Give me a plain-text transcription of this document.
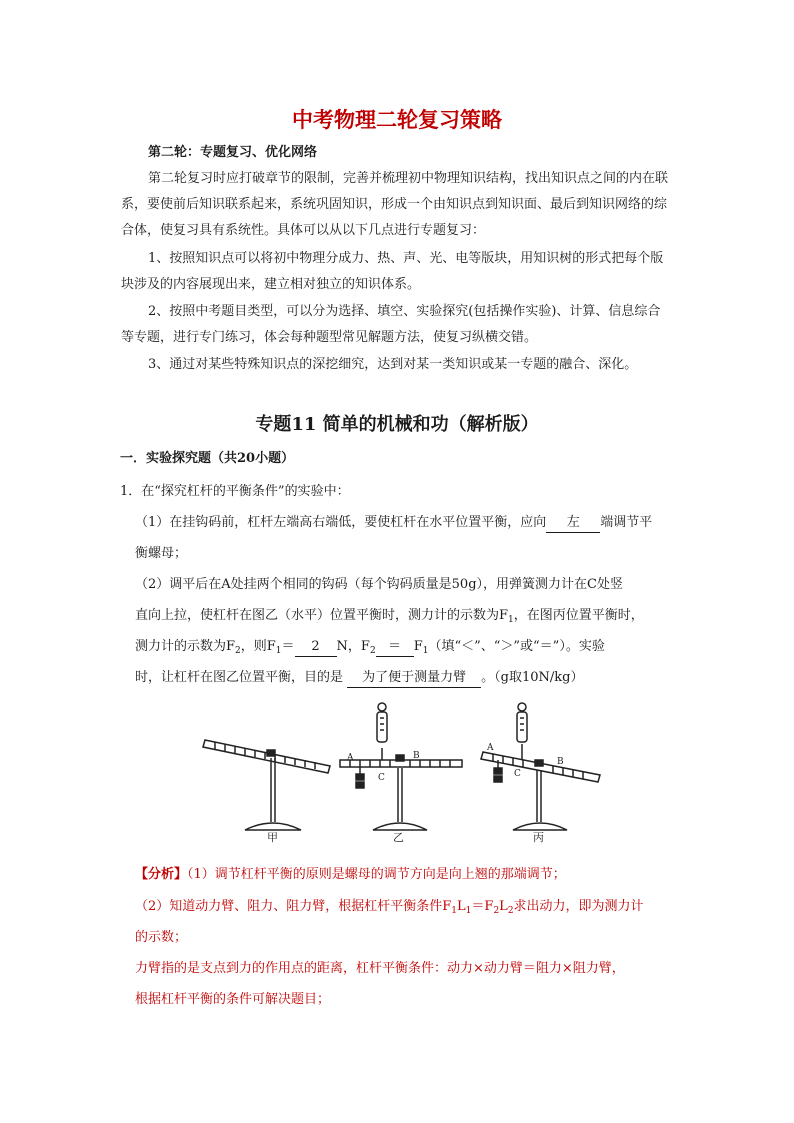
中考物理二轮复习策略
第二轮：专题复习、优化网络
第二轮复习时应打破章节的限制，完善并梳理初中物理知识结构，找出知识点之间的内在联
系，要使前后知识联系起来，系统巩固知识，形成一个由知识点到知识面、最后到知识网络的综
合体，使复习具有系统性。具体可以从以下几点进行专题复习：
1、按照知识点可以将初中物理分成力、热、声、光、电等版块，用知识树的形式把每个版
块涉及的内容展现出来，建立相对独立的知识体系。
2、按照中考题目类型，可以分为选择、填空、实验探究(包括操作实验)、计算、信息综合
等专题，进行专门练习，体会每种题型常见解题方法，使复习纵横交错。
3、通过对某些特殊知识点的深挖细究，达到对某一类知识或某一专题的融合、深化。
专题11 简单的机械和功（解析版）
一．实验探究题（共20小题）
1．在“探究杠杆的平衡条件”的实验中：
（1）在挂钩码前，杠杆左端高右端低，要使杠杆在水平位置平衡，应向 左 端调节平
衡螺母；
（2）调平后在A处挂两个相同的钩码（每个钩码质量是50g），用弹簧测力计在C处竖
直向上拉，使杠杆在图乙（水平）位置平衡时，测力计的示数为$F_1$，在图丙位置平衡时，
测力计的示数为$F_2$，则$F_1= 2$ N，$F_2 = F_1$（填“＜”、“＞”或“＝”）。实验
时，让杠杆在图乙位置平衡，目的是 为了便于测量力臂 。（g取10N/kg）
甲
A	B
C
乙
A
B
C
丙
【分析】（1）调节杠杆平衡的原则是螺母的调节方向是向上翘的那端调节；
（2）知道动力臂、阻力、阻力臂，根据杠杆平衡条件$F_1L_1=F_2L_2$求出动力，即为测力计
的示数；
力臂指的是支点到力的作用点的距离，杠杆平衡条件：动力×动力臂＝阻力×阻力臂，
根据杠杆平衡的条件可解决题目；
